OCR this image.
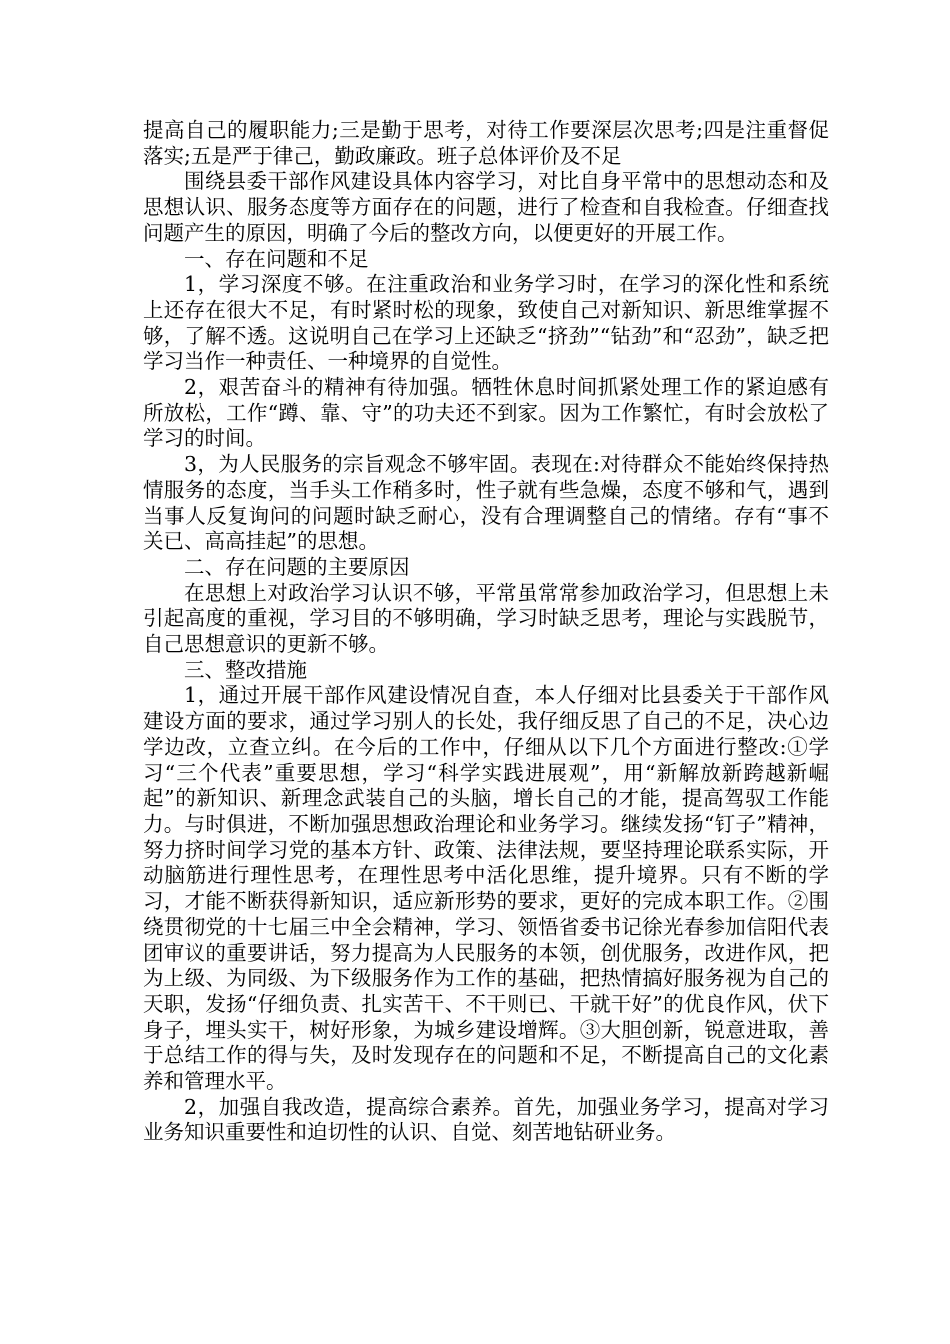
提高自己的履职能力;三是勤于思考，对待工作要深层次思考;四是注重督促落实;五是严于律己，勤政廉政。班子总体评价及不足

围绕县委干部作风建设具体内容学习，对比自身平常中的思想动态和及思想认识、服务态度等方面存在的问题，进行了检查和自我检查。仔细查找问题产生的原因，明确了今后的整改方向，以便更好的开展工作。

一、存在问题和不足

1，学习深度不够。在注重政治和业务学习时，在学习的深化性和系统上还存在很大不足，有时紧时松的现象，致使自己对新知识、新思维掌握不够，了解不透。这说明自己在学习上还缺乏“挤劲”“钻劲”和“忍劲”，缺乏把学习当作一种责任、一种境界的自觉性。

2，艰苦奋斗的精神有待加强。牺牲休息时间抓紧处理工作的紧迫感有所放松，工作“蹲、靠、守”的功夫还不到家。因为工作繁忙，有时会放松了学习的时间。

3，为人民服务的宗旨观念不够牢固。表现在:对待群众不能始终保持热情服务的态度，当手头工作稍多时，性子就有些急燥，态度不够和气，遇到当事人反复询问的问题时缺乏耐心，没有合理调整自己的情绪。存有“事不关已、高高挂起”的思想。

二、存在问题的主要原因

在思想上对政治学习认识不够，平常虽常常参加政治学习，但思想上未引起高度的重视，学习目的不够明确，学习时缺乏思考，理论与实践脱节，自己思想意识的更新不够。

三、整改措施

1，通过开展干部作风建设情况自查，本人仔细对比县委关于干部作风建设方面的要求，通过学习别人的长处，我仔细反思了自己的不足，决心边学边改，立查立纠。在今后的工作中，仔细从以下几个方面进行整改:①学习“三个代表”重要思想，学习“科学实践进展观”，用“新解放新跨越新崛起”的新知识、新理念武装自己的头脑，增长自己的才能，提高驾驭工作能力。与时俱进，不断加强思想政治理论和业务学习。继续发扬“钉子”精神，努力挤时间学习党的基本方针、政策、法律法规，要坚持理论联系实际，开动脑筋进行理性思考，在理性思考中活化思维，提升境界。只有不断的学习，才能不断获得新知识，适应新形势的要求，更好的完成本职工作。②围绕贯彻党的十七届三中全会精神，学习、领悟省委书记徐光春参加信阳代表团审议的重要讲话，努力提高为人民服务的本领，创优服务，改进作风，把为上级、为同级、为下级服务作为工作的基础，把热情搞好服务视为自己的天职，发扬“仔细负责、扎实苦干、不干则已、干就干好”的优良作风，伏下身子，埋头实干，树好形象，为城乡建设增辉。③大胆创新，锐意进取，善于总结工作的得与失，及时发现存在的问题和不足，不断提高自己的文化素养和管理水平。

2，加强自我改造，提高综合素养。首先，加强业务学习，提高对学习业务知识重要性和迫切性的认识、自觉、刻苦地钻研业务。
